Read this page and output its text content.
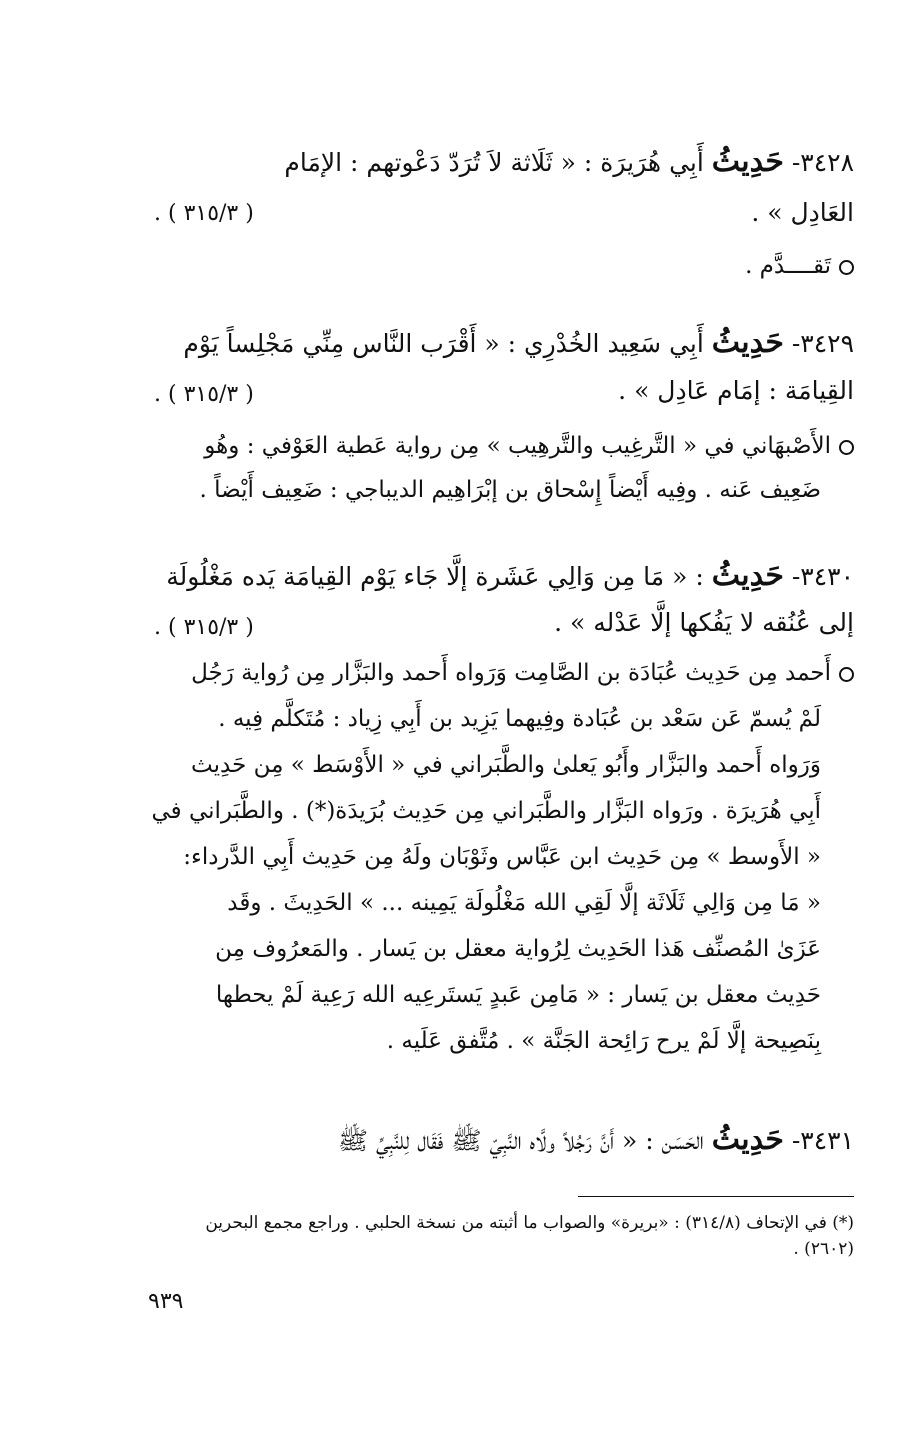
٣٤٢٨- حَدِيثُ أَبِي هُرَيرَة : « ثَلَاثة لاَ تُرَدّ دَعْوتهم : الإمَام
العَادِل » .
( ٣١٥/٣ ) .
تَقــــدَّم .
٣٤٢٩- حَدِيثُ أَبِي سَعِيد الخُدْرِي : « أَقْرَب النَّاس مِنِّي مَجْلِساً يَوْم
القِيامَة : إمَام عَادِل » .
( ٣١٥/٣ ) .
الأَصْبهَاني في « التَّرغِيب والتَّرهِيب » مِن رواية عَطية العَوْفي : وهُو
ضَعِيف عَنه . وفِيه أَيْضاً إِسْحاق بن إبْرَاهِيم الديباجي : ضَعِيف أَيْضاً .
٣٤٣٠- حَدِيثُ : « مَا مِن وَالِي عَشَرة إلَّا جَاء يَوْم القِيامَة يَده مَغْلُولَة
إلى عُنُقه لا يَفُكها إلَّا عَدْله » .
( ٣١٥/٣ ) .
أَحمد مِن حَدِيث عُبَادَة بن الصَّامِت وَرَواه أَحمد والبَزَّار مِن رُواية رَجُل
لَمْ يُسمّ عَن سَعْد بن عُبَادة وفِيهما يَزِيد بن أَبِي زِياد : مُتَكلَّم فِيه .
وَرَواه أَحمد والبَزَّار وأَبُو يَعلىٰ والطَّبَراني في « الأَوْسَط » مِن حَدِيث
أَبِي هُرَيرَة . ورَواه البَزَّار والطَّبَراني مِن حَدِيث بُرَيدَة(*) . والطَّبَراني في
« الأَوسط » مِن حَدِيث ابن عَبَّاس وثَوْبَان ولَهُ مِن حَدِيث أَبِي الدَّرداء:
« مَا مِن وَالِي ثَلَاثَة إلَّا لَقِي الله مَغْلُولَة يَمِينه ... » الحَدِيثَ . وقَد
عَزَىٰ المُصنِّف هَذا الحَدِيث لِرُواية معقل بن يَسار . والمَعرُوف مِن
حَدِيث معقل بن يَسار : « مَامِن عَبدٍ يَستَرعِيه الله رَعِية لَمْ يحطها
بِنَصِيحة إلَّا لَمْ يرح رَائِحة الجَنَّة » . مُتَّفق عَلَيه .
٣٤٣١- حَدِيثُ الحَسَن : « أَنَّ رَجُلاً ولَّاه النَّبِيّ ﷺ فَقَال لِلنَّبِيِّ ﷺ
(*) في الإتحاف (٣١٤/٨) : «بريرة» والصواب ما أثبته من نسخة الحلبي . وراجع مجمع البحرين
(٢٦٠٢) .
٩٣٩
